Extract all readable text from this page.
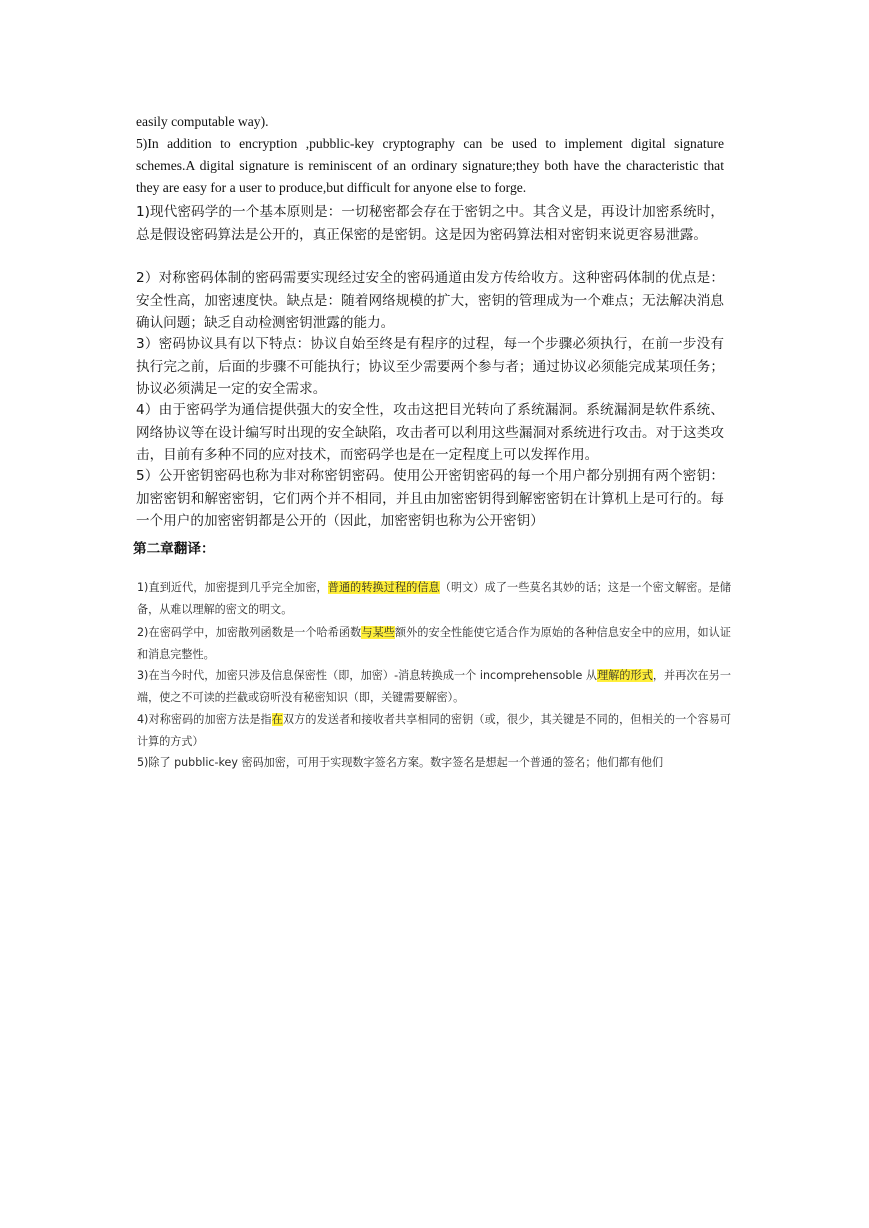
easily computable way).

5)In addition to encryption ,pubblic-key cryptography can be used to implement digital signature schemes.A digital signature is reminiscent of an ordinary signature;they both have the characteristic that they are easy for a user to produce,but difficult for anyone else to forge.

1)现代密码学的一个基本原则是：一切秘密都会存在于密钥之中。其含义是，再设计加密系统时，总是假设密码算法是公开的，真正保密的是密钥。这是因为密码算法相对密钥来说更容易泄露。

2）对称密码体制的密码需要实现经过安全的密码通道由发方传给收方。这种密码体制的优点是：安全性高，加密速度快。缺点是：随着网络规模的扩大，密钥的管理成为一个难点；无法解决消息确认问题；缺乏自动检测密钥泄露的能力。

3）密码协议具有以下特点：协议自始至终是有程序的过程，每一个步骤必须执行，在前一步没有执行完之前，后面的步骤不可能执行；协议至少需要两个参与者；通过协议必须能完成某项任务；协议必须满足一定的安全需求。

4）由于密码学为通信提供强大的安全性，攻击这把目光转向了系统漏洞。系统漏洞是软件系统、网络协议等在设计编写时出现的安全缺陷，攻击者可以利用这些漏洞对系统进行攻击。对于这类攻击，目前有多种不同的应对技术，而密码学也是在一定程度上可以发挥作用。

5）公开密钥密码也称为非对称密钥密码。使用公开密钥密码的每一个用户都分别拥有两个密钥：加密密钥和解密密钥，它们两个并不相同，并且由加密密钥得到解密密钥在计算机上是可行的。每一个用户的加密密钥都是公开的（因此，加密密钥也称为公开密钥）

第二章翻译：

1)直到近代，加密提到几乎完全加密，普通的转换过程的信息（明文）成了一些莫名其妙的话；这是一个密文解密。是储备，从难以理解的密文的明文。

2)在密码学中，加密散列函数是一个哈希函数与某些额外的安全性能使它适合作为原始的各种信息安全中的应用，如认证和消息完整性。

3)在当今时代，加密只涉及信息保密性（即，加密）-消息转换成一个 incomprehensoble 从理解的形式，并再次在另一端，使之不可读的拦截或窃听没有秘密知识（即，关键需要解密）。

4)对称密码的加密方法是指在双方的发送者和接收者共享相同的密钥（或，很少，其关键是不同的，但相关的一个容易可计算的方式）

5)除了 pubblic-key 密码加密，可用于实现数字签名方案。数字签名是想起一个普通的签名；他们都有他们
